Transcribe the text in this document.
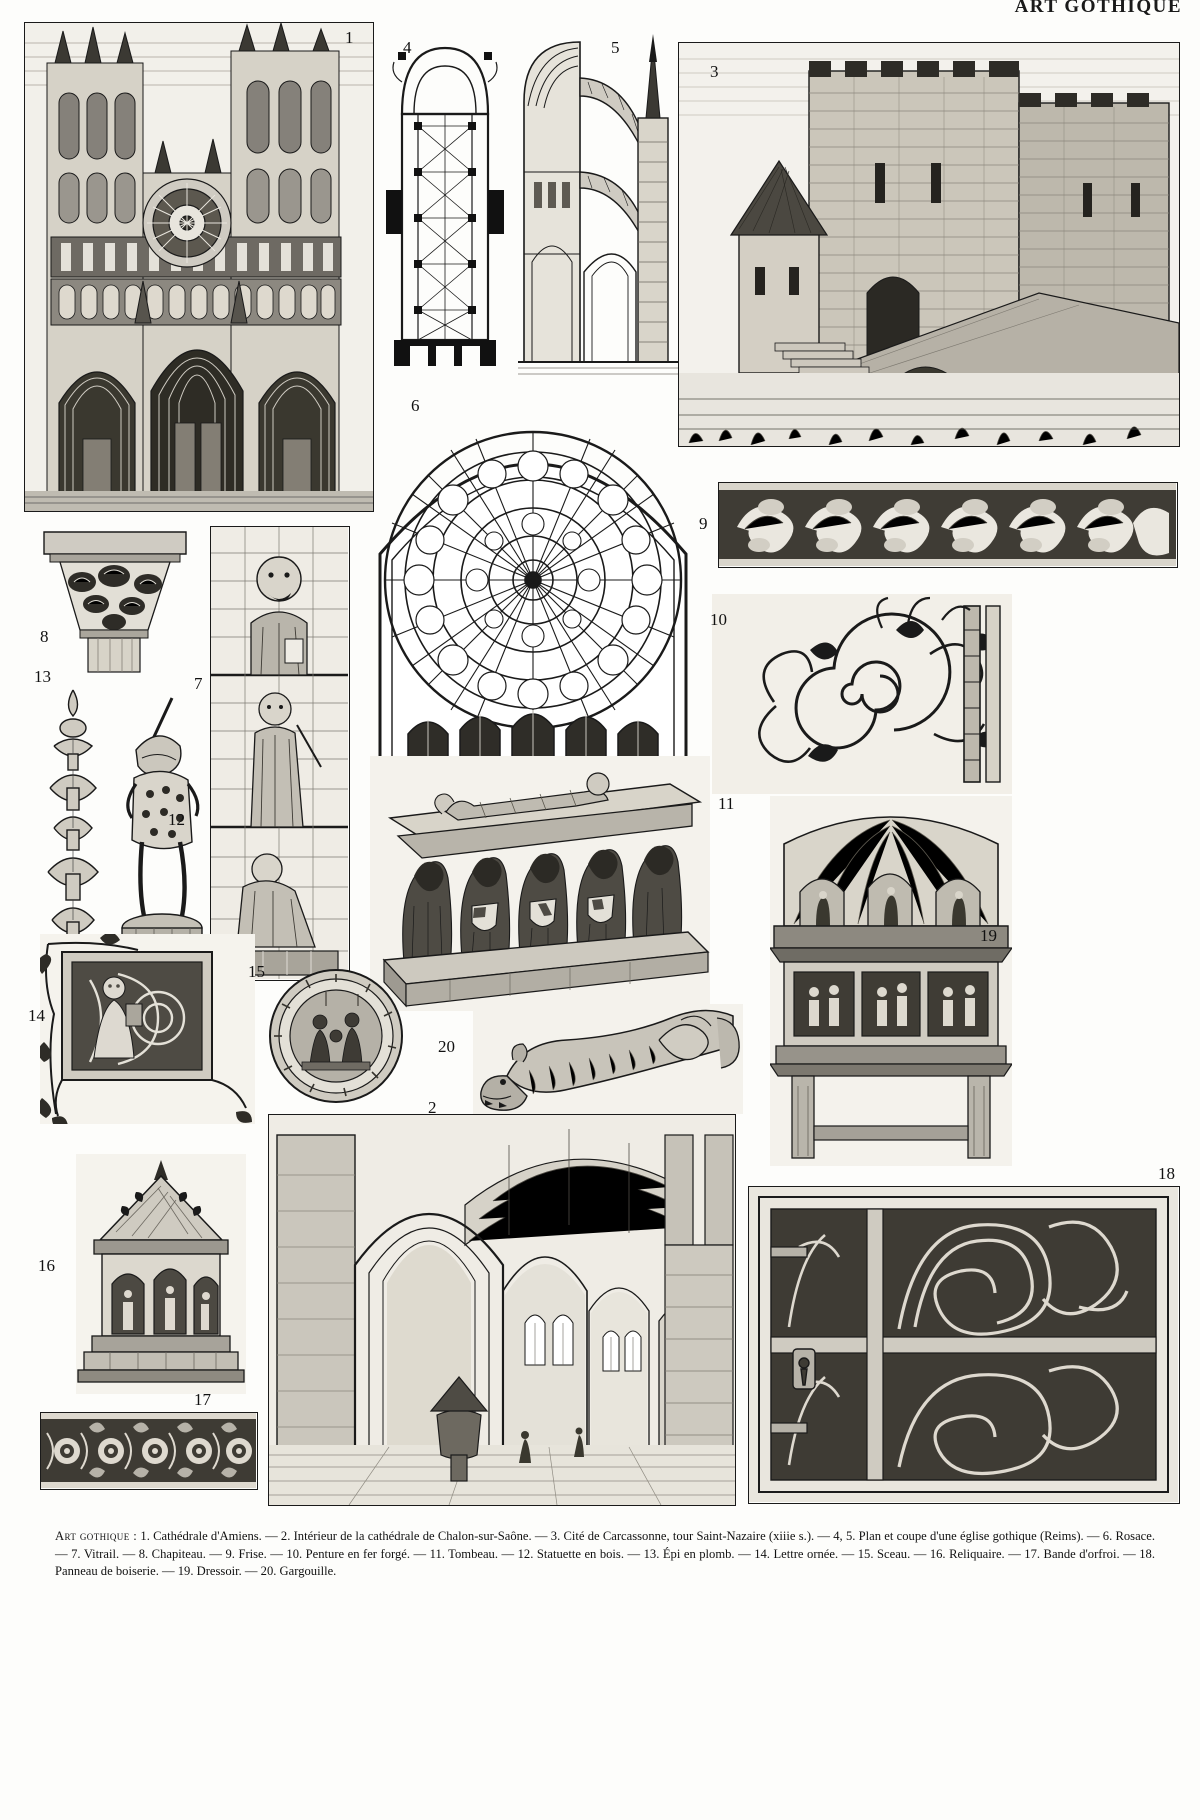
ART GOTHIQUE
1
4	5
3
6
8
7
9
10
13
12
11
19
14
15
20
16
2
17
18
Art gothique : 1. Cathédrale d'Amiens. — 2. Intérieur de la cathédrale de Chalon-sur-Saône. — 3. Cité de Carcassonne, tour Saint-Nazaire (xiiie s.). — 4, 5. Plan et coupe d'une église gothique (Reims). — 6. Rosace. — 7. Vitrail. — 8. Chapiteau. — 9. Frise. — 10. Penture en fer forgé. — 11. Tombeau. — 12. Statuette en bois. — 13. Épi en plomb. — 14. Lettre ornée. — 15. Sceau. — 16. Reliquaire. — 17. Bande d'orfroi. — 18. Panneau de boiserie. — 19. Dressoir. — 20. Gargouille.
